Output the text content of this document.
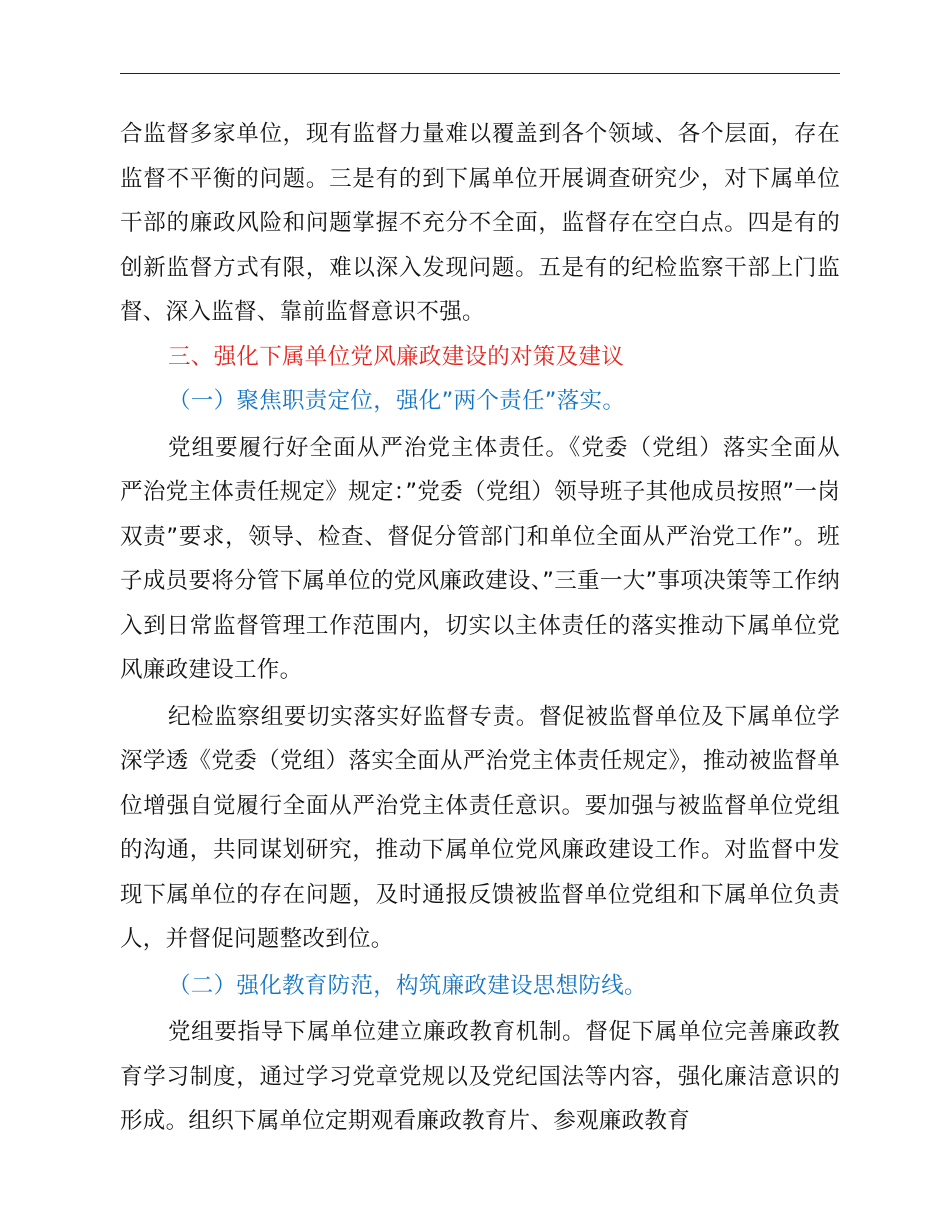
合监督多家单位，现有监督力量难以覆盖到各个领域、各个层面，存在监督不平衡的问题。三是有的到下属单位开展调查研究少，对下属单位干部的廉政风险和问题掌握不充分不全面，监督存在空白点。四是有的创新监督方式有限，难以深入发现问题。五是有的纪检监察干部上门监督、深入监督、靠前监督意识不强。

三、强化下属单位党风廉政建设的对策及建议

（一）聚焦职责定位，强化”两个责任”落实。

党组要履行好全面从严治党主体责任。《党委（党组）落实全面从严治党主体责任规定》规定：”党委（党组）领导班子其他成员按照”一岗双责”要求，领导、检查、督促分管部门和单位全面从严治党工作”。班子成员要将分管下属单位的党风廉政建设、”三重一大”事项决策等工作纳入到日常监督管理工作范围内，切实以主体责任的落实推动下属单位党风廉政建设工作。

纪检监察组要切实落实好监督专责。督促被监督单位及下属单位学深学透《党委（党组）落实全面从严治党主体责任规定》，推动被监督单位增强自觉履行全面从严治党主体责任意识。要加强与被监督单位党组的沟通，共同谋划研究，推动下属单位党风廉政建设工作。对监督中发现下属单位的存在问题，及时通报反馈被监督单位党组和下属单位负责人，并督促问题整改到位。

（二）强化教育防范，构筑廉政建设思想防线。

党组要指导下属单位建立廉政教育机制。督促下属单位完善廉政教育学习制度，通过学习党章党规以及党纪国法等内容，强化廉洁意识的形成。组织下属单位定期观看廉政教育片、参观廉政教育
